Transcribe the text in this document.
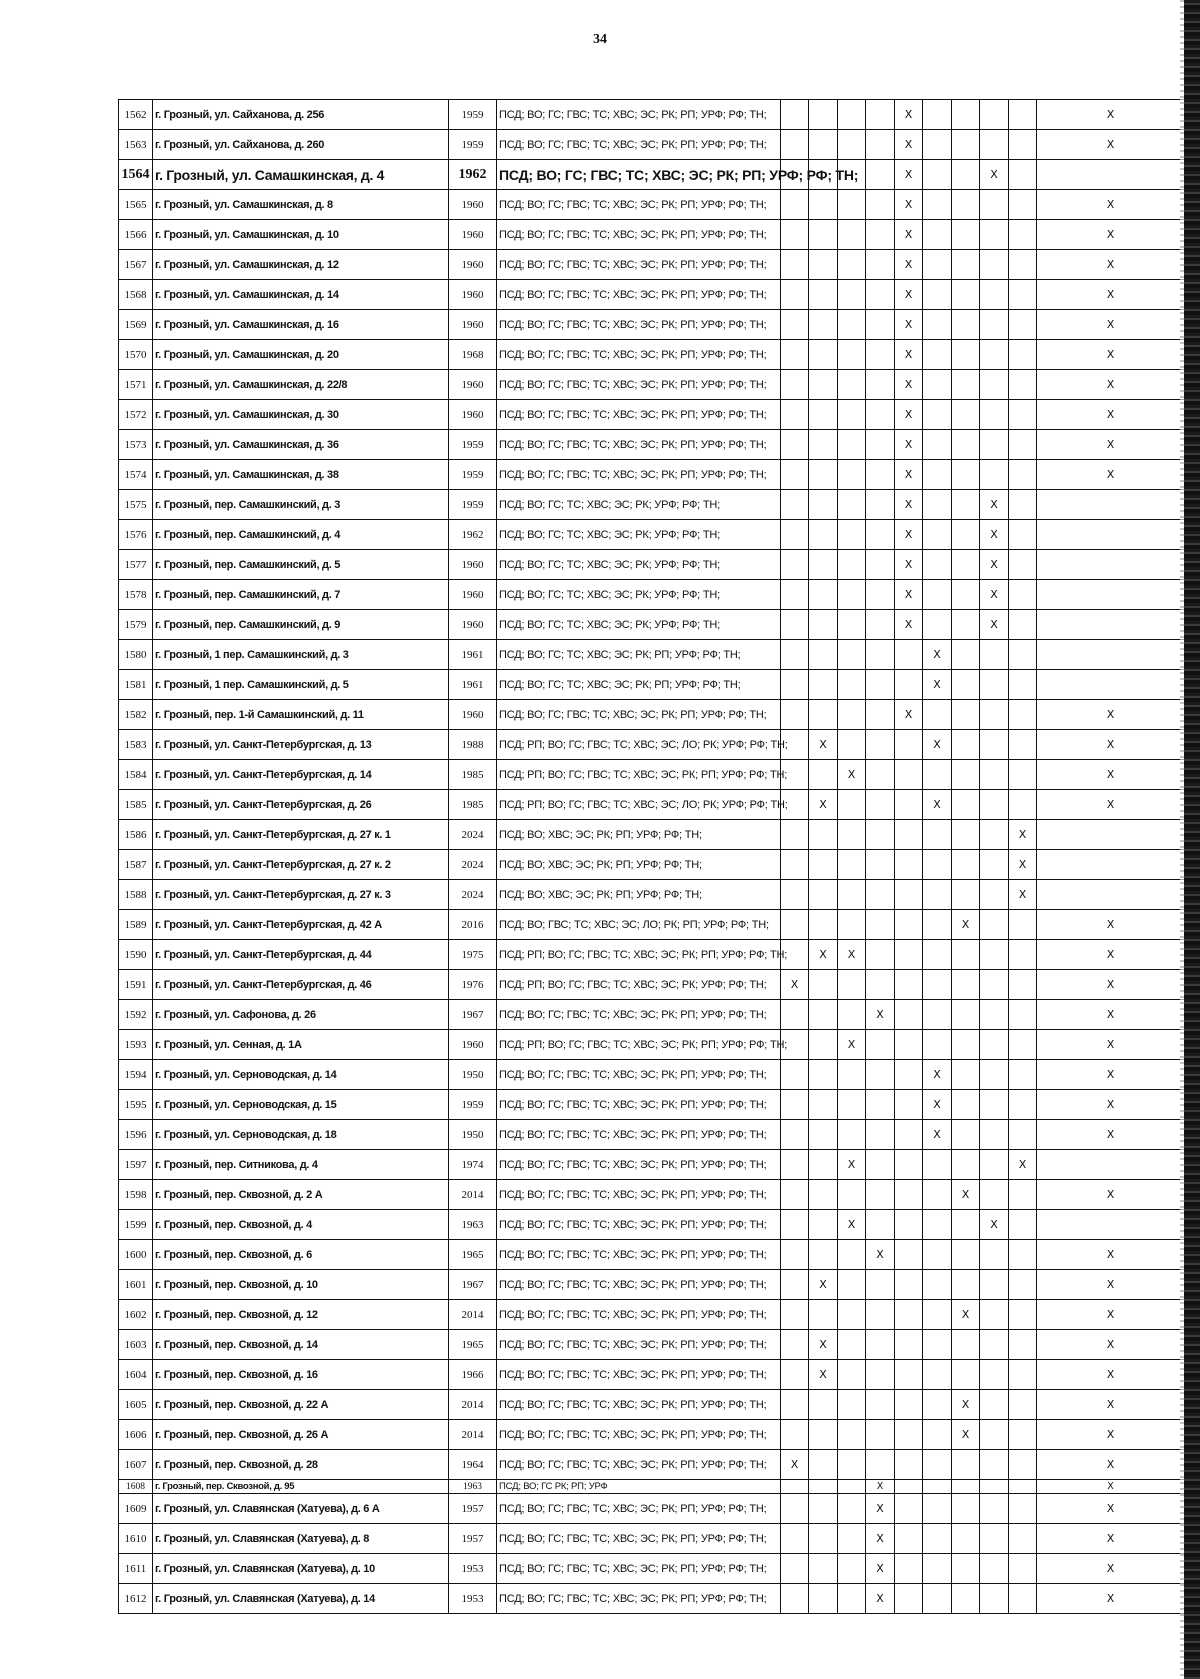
34
1562	г. Грозный, ул. Сайханова, д. 256	1959	ПСД; ВО; ГС; ГВС; ТС; ХВС; ЭС; РК; РП; УРФ; РФ; ТН;					X					X
1563	г. Грозный, ул. Сайханова, д. 260	1959	ПСД; ВО; ГС; ГВС; ТС; ХВС; ЭС; РК; РП; УРФ; РФ; ТН;					X					X
1564	г. Грозный, ул. Самашкинская, д. 4	1962	ПСД; ВО; ГС; ГВС; ТС; ХВС; ЭС; РК; РП; УРФ; РФ; ТН;					X			X		
1565	г. Грозный, ул. Самашкинская, д. 8	1960	ПСД; ВО; ГС; ГВС; ТС; ХВС; ЭС; РК; РП; УРФ; РФ; ТН;					X					X
1566	г. Грозный, ул. Самашкинская, д. 10	1960	ПСД; ВО; ГС; ГВС; ТС; ХВС; ЭС; РК; РП; УРФ; РФ; ТН;					X					X
1567	г. Грозный, ул. Самашкинская, д. 12	1960	ПСД; ВО; ГС; ГВС; ТС; ХВС; ЭС; РК; РП; УРФ; РФ; ТН;					X					X
1568	г. Грозный, ул. Самашкинская, д. 14	1960	ПСД; ВО; ГС; ГВС; ТС; ХВС; ЭС; РК; РП; УРФ; РФ; ТН;					X					X
1569	г. Грозный, ул. Самашкинская, д. 16	1960	ПСД; ВО; ГС; ГВС; ТС; ХВС; ЭС; РК; РП; УРФ; РФ; ТН;					X					X
1570	г. Грозный, ул. Самашкинская, д. 20	1968	ПСД; ВО; ГС; ГВС; ТС; ХВС; ЭС; РК; РП; УРФ; РФ; ТН;					X					X
1571	г. Грозный, ул. Самашкинская, д. 22/8	1960	ПСД; ВО; ГС; ГВС; ТС; ХВС; ЭС; РК; РП; УРФ; РФ; ТН;					X					X
1572	г. Грозный, ул. Самашкинская, д. 30	1960	ПСД; ВО; ГС; ГВС; ТС; ХВС; ЭС; РК; РП; УРФ; РФ; ТН;					X					X
1573	г. Грозный, ул. Самашкинская, д. 36	1959	ПСД; ВО; ГС; ГВС; ТС; ХВС; ЭС; РК; РП; УРФ; РФ; ТН;					X					X
1574	г. Грозный, ул. Самашкинская, д. 38	1959	ПСД; ВО; ГС; ГВС; ТС; ХВС; ЭС; РК; РП; УРФ; РФ; ТН;					X					X
1575	г. Грозный, пер. Самашкинский, д. 3	1959	ПСД; ВО; ГС; ТС; ХВС; ЭС; РК; УРФ; РФ; ТН;					X			X		
1576	г. Грозный, пер. Самашкинский, д. 4	1962	ПСД; ВО; ГС; ТС; ХВС; ЭС; РК; УРФ; РФ; ТН;					X			X		
1577	г. Грозный, пер. Самашкинский, д. 5	1960	ПСД; ВО; ГС; ТС; ХВС; ЭС; РК; УРФ; РФ; ТН;					X			X		
1578	г. Грозный, пер. Самашкинский, д. 7	1960	ПСД; ВО; ГС; ТС; ХВС; ЭС; РК; УРФ; РФ; ТН;					X			X		
1579	г. Грозный, пер. Самашкинский, д. 9	1960	ПСД; ВО; ГС; ТС; ХВС; ЭС; РК; УРФ; РФ; ТН;					X			X		
1580	г. Грозный, 1 пер. Самашкинский, д. 3	1961	ПСД; ВО; ГС; ТС; ХВС; ЭС; РК; РП; УРФ; РФ; ТН;						X				
1581	г. Грозный, 1 пер. Самашкинский, д. 5	1961	ПСД; ВО; ГС; ТС; ХВС; ЭС; РК; РП; УРФ; РФ; ТН;						X				
1582	г. Грозный, пер. 1-й Самашкинский, д. 11	1960	ПСД; ВО; ГС; ГВС; ТС; ХВС; ЭС; РК; РП; УРФ; РФ; ТН;					X					X
1583	г. Грозный, ул. Санкт-Петербургская, д. 13	1988	ПСД; РП; ВО; ГС; ГВС; ТС; ХВС; ЭС; ЛО; РК; УРФ; РФ; ТН;		X				X				X
1584	г. Грозный, ул. Санкт-Петербургская, д. 14	1985	ПСД; РП; ВО; ГС; ГВС; ТС; ХВС; ЭС; РК; РП; УРФ; РФ; ТН;			X							X
1585	г. Грозный, ул. Санкт-Петербургская, д. 26	1985	ПСД; РП; ВО; ГС; ГВС; ТС; ХВС; ЭС; ЛО; РК; УРФ; РФ; ТН;		X				X				X
1586	г. Грозный, ул. Санкт-Петербургская, д. 27 к. 1	2024	ПСД; ВО; ХВС; ЭС; РК; РП; УРФ; РФ; ТН;									X	
1587	г. Грозный, ул. Санкт-Петербургская, д. 27 к. 2	2024	ПСД; ВО; ХВС; ЭС; РК; РП; УРФ; РФ; ТН;									X	
1588	г. Грозный, ул. Санкт-Петербургская, д. 27 к. 3	2024	ПСД; ВО; ХВС; ЭС; РК; РП; УРФ; РФ; ТН;									X	
1589	г. Грозный, ул. Санкт-Петербургская, д. 42 А	2016	ПСД; ВО; ГВС; ТС; ХВС; ЭС; ЛО; РК; РП; УРФ; РФ; ТН;							X			X
1590	г. Грозный, ул. Санкт-Петербургская, д. 44	1975	ПСД; РП; ВО; ГС; ГВС; ТС; ХВС; ЭС; РК; РП; УРФ; РФ; ТН;		X	X							X
1591	г. Грозный, ул. Санкт-Петербургская, д. 46	1976	ПСД; РП; ВО; ГС; ГВС; ТС; ХВС; ЭС; РК; УРФ; РФ; ТН;	X									X
1592	г. Грозный, ул. Сафонова, д. 26	1967	ПСД; ВО; ГС; ГВС; ТС; ХВС; ЭС; РК; РП; УРФ; РФ; ТН;				X						X
1593	г. Грозный, ул. Сенная, д. 1А	1960	ПСД; РП; ВО; ГС; ГВС; ТС; ХВС; ЭС; РК; РП; УРФ; РФ; ТН;			X							X
1594	г. Грозный, ул. Серноводская, д. 14	1950	ПСД; ВО; ГС; ГВС; ТС; ХВС; ЭС; РК; РП; УРФ; РФ; ТН;						X				X
1595	г. Грозный, ул. Серноводская, д. 15	1959	ПСД; ВО; ГС; ГВС; ТС; ХВС; ЭС; РК; РП; УРФ; РФ; ТН;						X				X
1596	г. Грозный, ул. Серноводская, д. 18	1950	ПСД; ВО; ГС; ГВС; ТС; ХВС; ЭС; РК; РП; УРФ; РФ; ТН;						X				X
1597	г. Грозный, пер. Ситникова, д. 4	1974	ПСД; ВО; ГС; ГВС; ТС; ХВС; ЭС; РК; РП; УРФ; РФ; ТН;			X						X	
1598	г. Грозный, пер. Сквозной, д. 2 А	2014	ПСД; ВО; ГС; ГВС; ТС; ХВС; ЭС; РК; РП; УРФ; РФ; ТН;							X			X
1599	г. Грозный, пер. Сквозной, д. 4	1963	ПСД; ВО; ГС; ГВС; ТС; ХВС; ЭС; РК; РП; УРФ; РФ; ТН;			X					X		
1600	г. Грозный, пер. Сквозной, д. 6	1965	ПСД; ВО; ГС; ГВС; ТС; ХВС; ЭС; РК; РП; УРФ; РФ; ТН;				X						X
1601	г. Грозный, пер. Сквозной, д. 10	1967	ПСД; ВО; ГС; ГВС; ТС; ХВС; ЭС; РК; РП; УРФ; РФ; ТН;		X								X
1602	г. Грозный, пер. Сквозной, д. 12	2014	ПСД; ВО; ГС; ГВС; ТС; ХВС; ЭС; РК; РП; УРФ; РФ; ТН;							X			X
1603	г. Грозный, пер. Сквозной, д. 14	1965	ПСД; ВО; ГС; ГВС; ТС; ХВС; ЭС; РК; РП; УРФ; РФ; ТН;		X								X
1604	г. Грозный, пер. Сквозной, д. 16	1966	ПСД; ВО; ГС; ГВС; ТС; ХВС; ЭС; РК; РП; УРФ; РФ; ТН;		X								X
1605	г. Грозный, пер. Сквозной, д. 22 А	2014	ПСД; ВО; ГС; ГВС; ТС; ХВС; ЭС; РК; РП; УРФ; РФ; ТН;							X			X
1606	г. Грозный, пер. Сквозной, д. 26 А	2014	ПСД; ВО; ГС; ГВС; ТС; ХВС; ЭС; РК; РП; УРФ; РФ; ТН;							X			X
1607	г. Грозный, пер. Сквозной, д. 28	1964	ПСД; ВО; ГС; ГВС; ТС; ХВС; ЭС; РК; РП; УРФ; РФ; ТН;	X									X
1608	г. Грозный, пер. Сквозной, д. 95	1963	ПСД; ВО; ГС РК; РП; УРФ				X						X
1609	г. Грозный, ул. Славянская (Хатуева), д. 6 А	1957	ПСД; ВО; ГС; ГВС; ТС; ХВС; ЭС; РК; РП; УРФ; РФ; ТН;				X						X
1610	г. Грозный, ул. Славянская (Хатуева), д. 8	1957	ПСД; ВО; ГС; ГВС; ТС; ХВС; ЭС; РК; РП; УРФ; РФ; ТН;				X						X
1611	г. Грозный, ул. Славянская (Хатуева), д. 10	1953	ПСД; ВО; ГС; ГВС; ТС; ХВС; ЭС; РК; РП; УРФ; РФ; ТН;				X						X
1612	г. Грозный, ул. Славянская (Хатуева), д. 14	1953	ПСД; ВО; ГС; ГВС; ТС; ХВС; ЭС; РК; РП; УРФ; РФ; ТН;				X						X
